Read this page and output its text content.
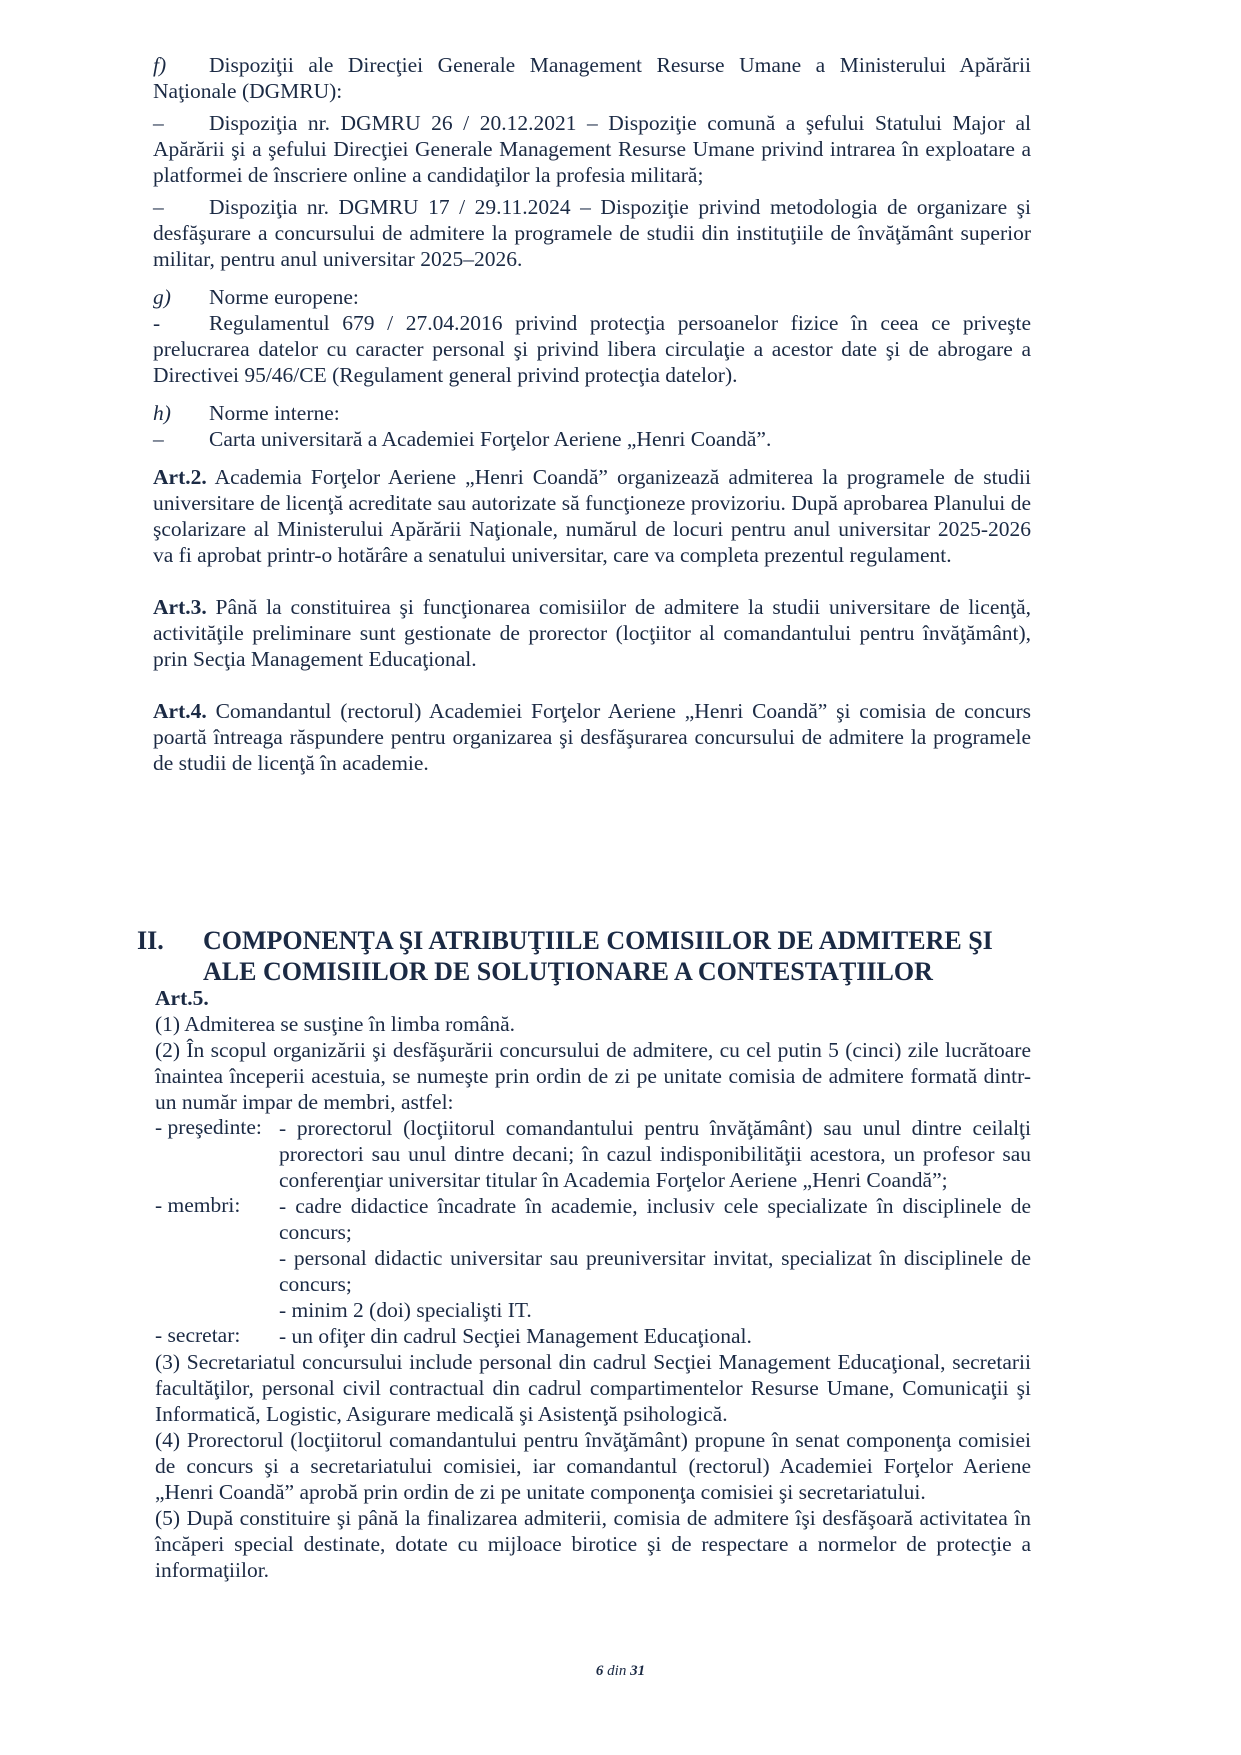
f) Dispoziţii ale Direcţiei Generale Management Resurse Umane a Ministerului Apărării Naţionale (DGMRU):

– Dispoziţia nr. DGMRU 26 / 20.12.2021 – Dispoziţie comună a şefului Statului Major al Apărării şi a şefului Direcţiei Generale Management Resurse Umane privind intrarea în exploatare a platformei de înscriere online a candidaţilor la profesia militară;

– Dispoziţia nr. DGMRU 17 / 29.11.2024 – Dispoziţie privind metodologia de organizare şi desfăşurare a concursului de admitere la programele de studii din instituţiile de învăţământ superior militar, pentru anul universitar 2025–2026.

g) Norme europene:

- Regulamentul 679 / 27.04.2016 privind protecţia persoanelor fizice în ceea ce priveşte prelucrarea datelor cu caracter personal şi privind libera circulaţie a acestor date şi de abrogare a Directivei 95/46/CE (Regulament general privind protecţia datelor).

h) Norme interne:

– Carta universitară a Academiei Forţelor Aeriene „Henri Coandă”.

Art.2. Academia Forţelor Aeriene „Henri Coandă” organizează admiterea la programele de studii universitare de licenţă acreditate sau autorizate să funcţioneze provizoriu. După aprobarea Planului de şcolarizare al Ministerului Apărării Naţionale, numărul de locuri pentru anul universitar 2025-2026 va fi aprobat printr-o hotărâre a senatului universitar, care va completa prezentul regulament.

Art.3. Până la constituirea şi funcţionarea comisiilor de admitere la studii universitare de licenţă, activităţile preliminare sunt gestionate de prorector (locţiitor al comandantului pentru învăţământ), prin Secţia Management Educaţional.

Art.4. Comandantul (rectorul) Academiei Forţelor Aeriene „Henri Coandă” şi comisia de concurs poartă întreaga răspundere pentru organizarea şi desfăşurarea concursului de admitere la programele de studii de licenţă în academie.

II.	COMPONENŢA ŞI ATRIBUŢIILE COMISIILOR DE ADMITERE ŞI
ALE COMISIILOR DE SOLUŢIONARE A CONTESTAŢIILOR

Art.5.

(1) Admiterea se susţine în limba română.

(2) În scopul organizării şi desfăşurării concursului de admitere, cu cel putin 5 (cinci) zile lucrătoare înaintea începerii acestuia, se numeşte prin ordin de zi pe unitate comisia de admitere formată dintr-un număr impar de membri, astfel:

- preşedinte: - prorectorul (locţiitorul comandantului pentru învăţământ) sau unul dintre ceilalţi prorectori sau unul dintre decani; în cazul indisponibilităţii acestora, un profesor sau conferenţiar universitar titular în Academia Forţelor Aeriene „Henri Coandă”;

- membri:	- cadre didactice încadrate în academie, inclusiv cele specializate în disciplinele de concurs;

- personal didactic universitar sau preuniversitar invitat, specializat în disciplinele de concurs;

- minim 2 (doi) specialişti IT.

- secretar:	- un ofiţer din cadrul Secţiei Management Educaţional.

(3) Secretariatul concursului include personal din cadrul Secţiei Management Educaţional, secretarii facultăţilor, personal civil contractual din cadrul compartimentelor Resurse Umane, Comunicaţii şi Informatică, Logistic, Asigurare medicală şi Asistenţă psihologică.

(4) Prorectorul (locţiitorul comandantului pentru învăţământ) propune în senat componenţa comisiei de concurs şi a secretariatului comisiei, iar comandantul (rectorul) Academiei Forţelor Aeriene „Henri Coandă” aprobă prin ordin de zi pe unitate componenţa comisiei şi secretariatului.

(5) După constituire şi până la finalizarea admiterii, comisia de admitere îşi desfăşoară activitatea în încăperi special destinate, dotate cu mijloace birotice şi de respectare a normelor de protecţie a informaţiilor.

6 din 31
